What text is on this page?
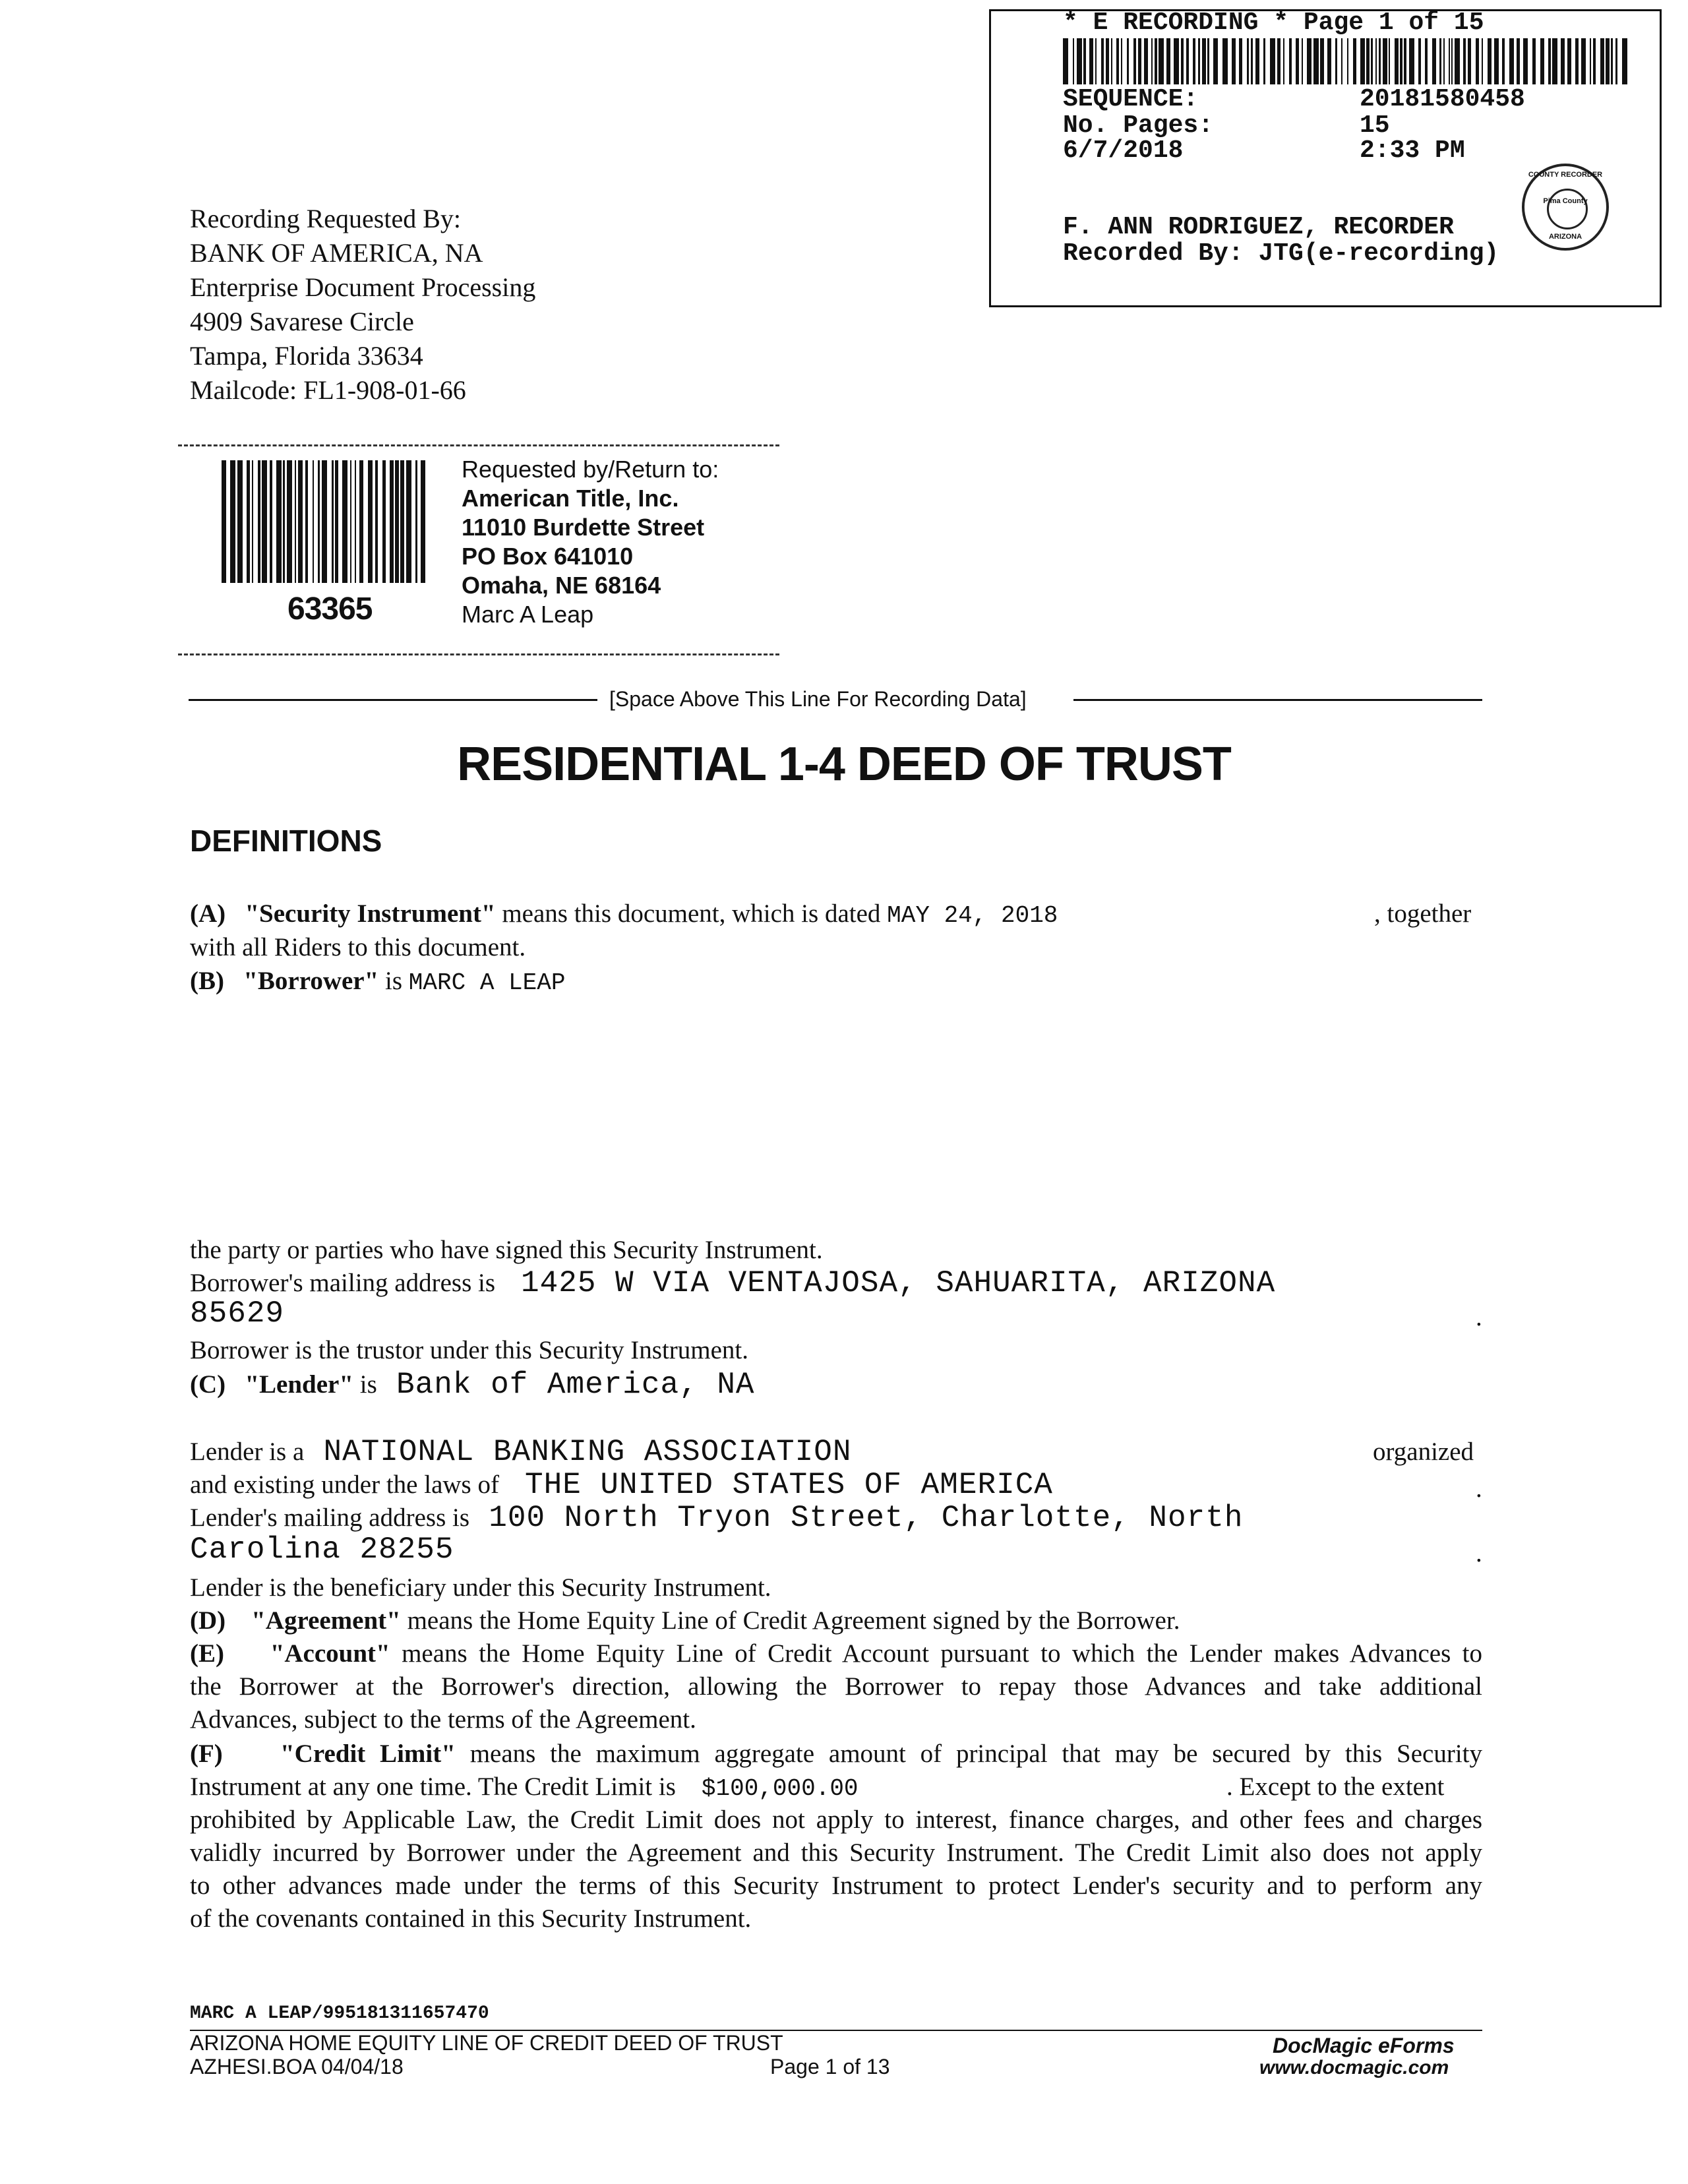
* E RECORDING * Page 1 of 15
SEQUENCE:	20181580458
No. Pages:	15
6/7/2018	2:33 PM
F. ANN RODRIGUEZ, RECORDER
Recorded By: JTG(e-recording)
COUNTY RECORDER
Pima County
ARIZONA
Recording Requested By:
BANK OF AMERICA, NA
Enterprise Document Processing
4909 Savarese Circle
Tampa, Florida 33634
Mailcode: FL1-908-01-66
63365
Requested by/Return to:
American Title, Inc.
11010 Burdette Street
PO Box 641010
Omaha, NE 68164
Marc A Leap
[Space Above This Line For Recording Data]
RESIDENTIAL 1-4 DEED OF TRUST
DEFINITIONS
(A) "Security Instrument" means this document, which is dated MAY 24, 2018	, together
with all Riders to this document.
(B) "Borrower" is MARC A LEAP
the party or parties who have signed this Security Instrument.
Borrower's mailing address is 1425 W VIA VENTAJOSA, SAHUARITA, ARIZONA
85629	.
Borrower is the trustor under this Security Instrument.
(C) "Lender" is Bank of America, NA
Lender is a NATIONAL BANKING ASSOCIATION	organized
and existing under the laws of THE UNITED STATES OF AMERICA	.
Lender's mailing address is 100 North Tryon Street, Charlotte, North
Carolina 28255	.
Lender is the beneficiary under this Security Instrument.
(D) "Agreement" means the Home Equity Line of Credit Agreement signed by the Borrower.
(E) "Account" means the Home Equity Line of Credit Account pursuant to which the Lender makes Advances to
the Borrower at the Borrower's direction, allowing the Borrower to repay those Advances and take additional
Advances, subject to the terms of the Agreement.
(F) "Credit Limit" means the maximum aggregate amount of principal that may be secured by this Security
Instrument at any one time. The Credit Limit is $100,000.00	. Except to the extent
prohibited by Applicable Law, the Credit Limit does not apply to interest, finance charges, and other fees and charges
validly incurred by Borrower under the Agreement and this Security Instrument. The Credit Limit also does not apply
to other advances made under the terms of this Security Instrument to protect Lender's security and to perform any
of the covenants contained in this Security Instrument.
MARC A LEAP/995181311657470
ARIZONA HOME EQUITY LINE OF CREDIT DEED OF TRUST
AZHESI.BOA 04/04/18	Page 1 of 13
DocMagic eForms
www.docmagic.com
